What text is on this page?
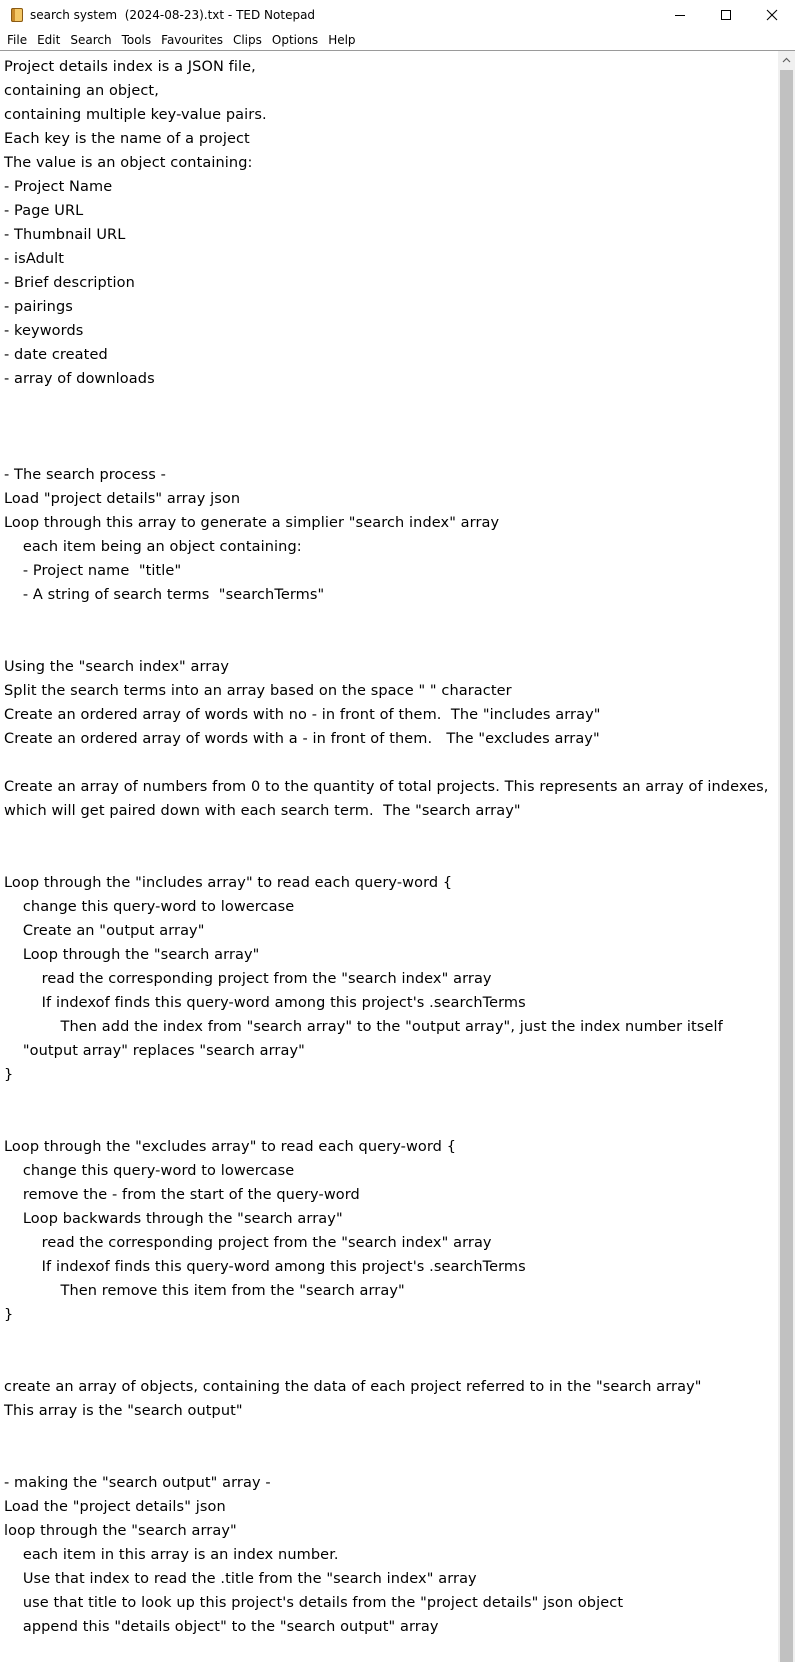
search system  (2024-08-23).txt - TED Notepad
File Edit Search Tools Favourites Clips Options Help
Project details index is a JSON file,
containing an object,
containing multiple key-value pairs.
Each key is the name of a project
The value is an object containing:
- Project Name
- Page URL
- Thumbnail URL
- isAdult
- Brief description
- pairings
- keywords
- date created
- array of downloads
- The search process -
Load "project details" array json
Loop through this array to generate a simplier "search index" array
each item being an object containing:
- Project name  "title"
- A string of search terms  "searchTerms"
Using the "search index" array
Split the search terms into an array based on the space " " character
Create an ordered array of words with no - in front of them.  The "includes array"
Create an ordered array of words with a - in front of them.   The "excludes array"
Create an array of numbers from 0 to the quantity of total projects. This represents an array of indexes,
which will get paired down with each search term.  The "search array"
Loop through the "includes array" to read each query-word {
change this query-word to lowercase
Create an "output array"
Loop through the "search array"
read the corresponding project from the "search index" array
If indexof finds this query-word among this project's .searchTerms
Then add the index from "search array" to the "output array", just the index number itself
"output array" replaces "search array"
}
Loop through the "excludes array" to read each query-word {
change this query-word to lowercase
remove the - from the start of the query-word
Loop backwards through the "search array"
read the corresponding project from the "search index" array
If indexof finds this query-word among this project's .searchTerms
Then remove this item from the "search array"
}
create an array of objects, containing the data of each project referred to in the "search array"
This array is the "search output"
- making the "search output" array -
Load the "project details" json
loop through the "search array"
each item in this array is an index number.
Use that index to read the .title from the "search index" array
use that title to look up this project's details from the "project details" json object
append this "details object" to the "search output" array
